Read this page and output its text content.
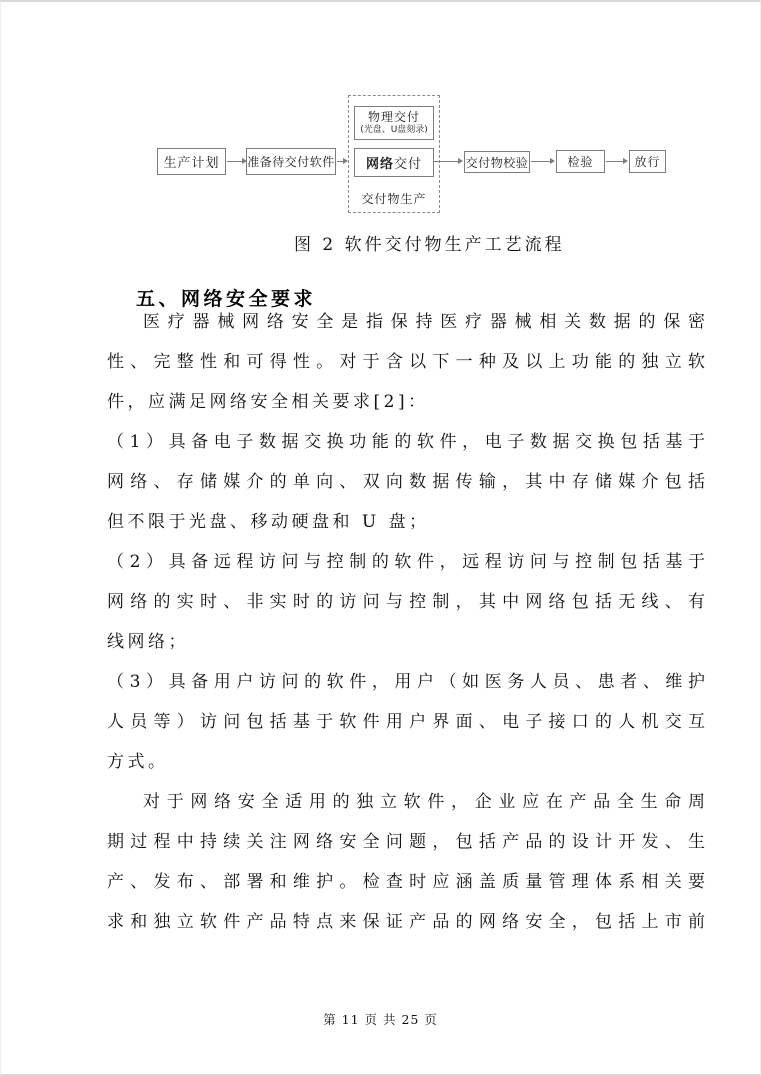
生产计划	准备待交付软件
物理交付
(光盘、U盘刻录)
网络 交付
交付物生产
交付物校验	检验	放行
图 2 软件交付物生产工艺流程
五、网络安全要求
医疗器械网络安全是指保持医疗器械相关数据的保密
性、完整性和可得性。对于含以下一种及以上功能的独立软
件，应满足网络安全相关要求[2]：
（1）具备电子数据交换功能的软件，电子数据交换包括基于
网络、存储媒介的单向、双向数据传输，其中存储媒介包括
但不限于光盘、移动硬盘和 U 盘；
（2）具备远程访问与控制的软件，远程访问与控制包括基于
网络的实时、非实时的访问与控制，其中网络包括无线、有
线网络；
（3）具备用户访问的软件，用户（如医务人员、患者、维护
人员等）访问包括基于软件用户界面、电子接口的人机交互
方式。
对于网络安全适用的独立软件，企业应在产品全生命周
期过程中持续关注网络安全问题，包括产品的设计开发、生
产、发布、部署和维护。检查时应涵盖质量管理体系相关要
求和独立软件产品特点来保证产品的网络安全，包括上市前
第 11 页 共 25 页
